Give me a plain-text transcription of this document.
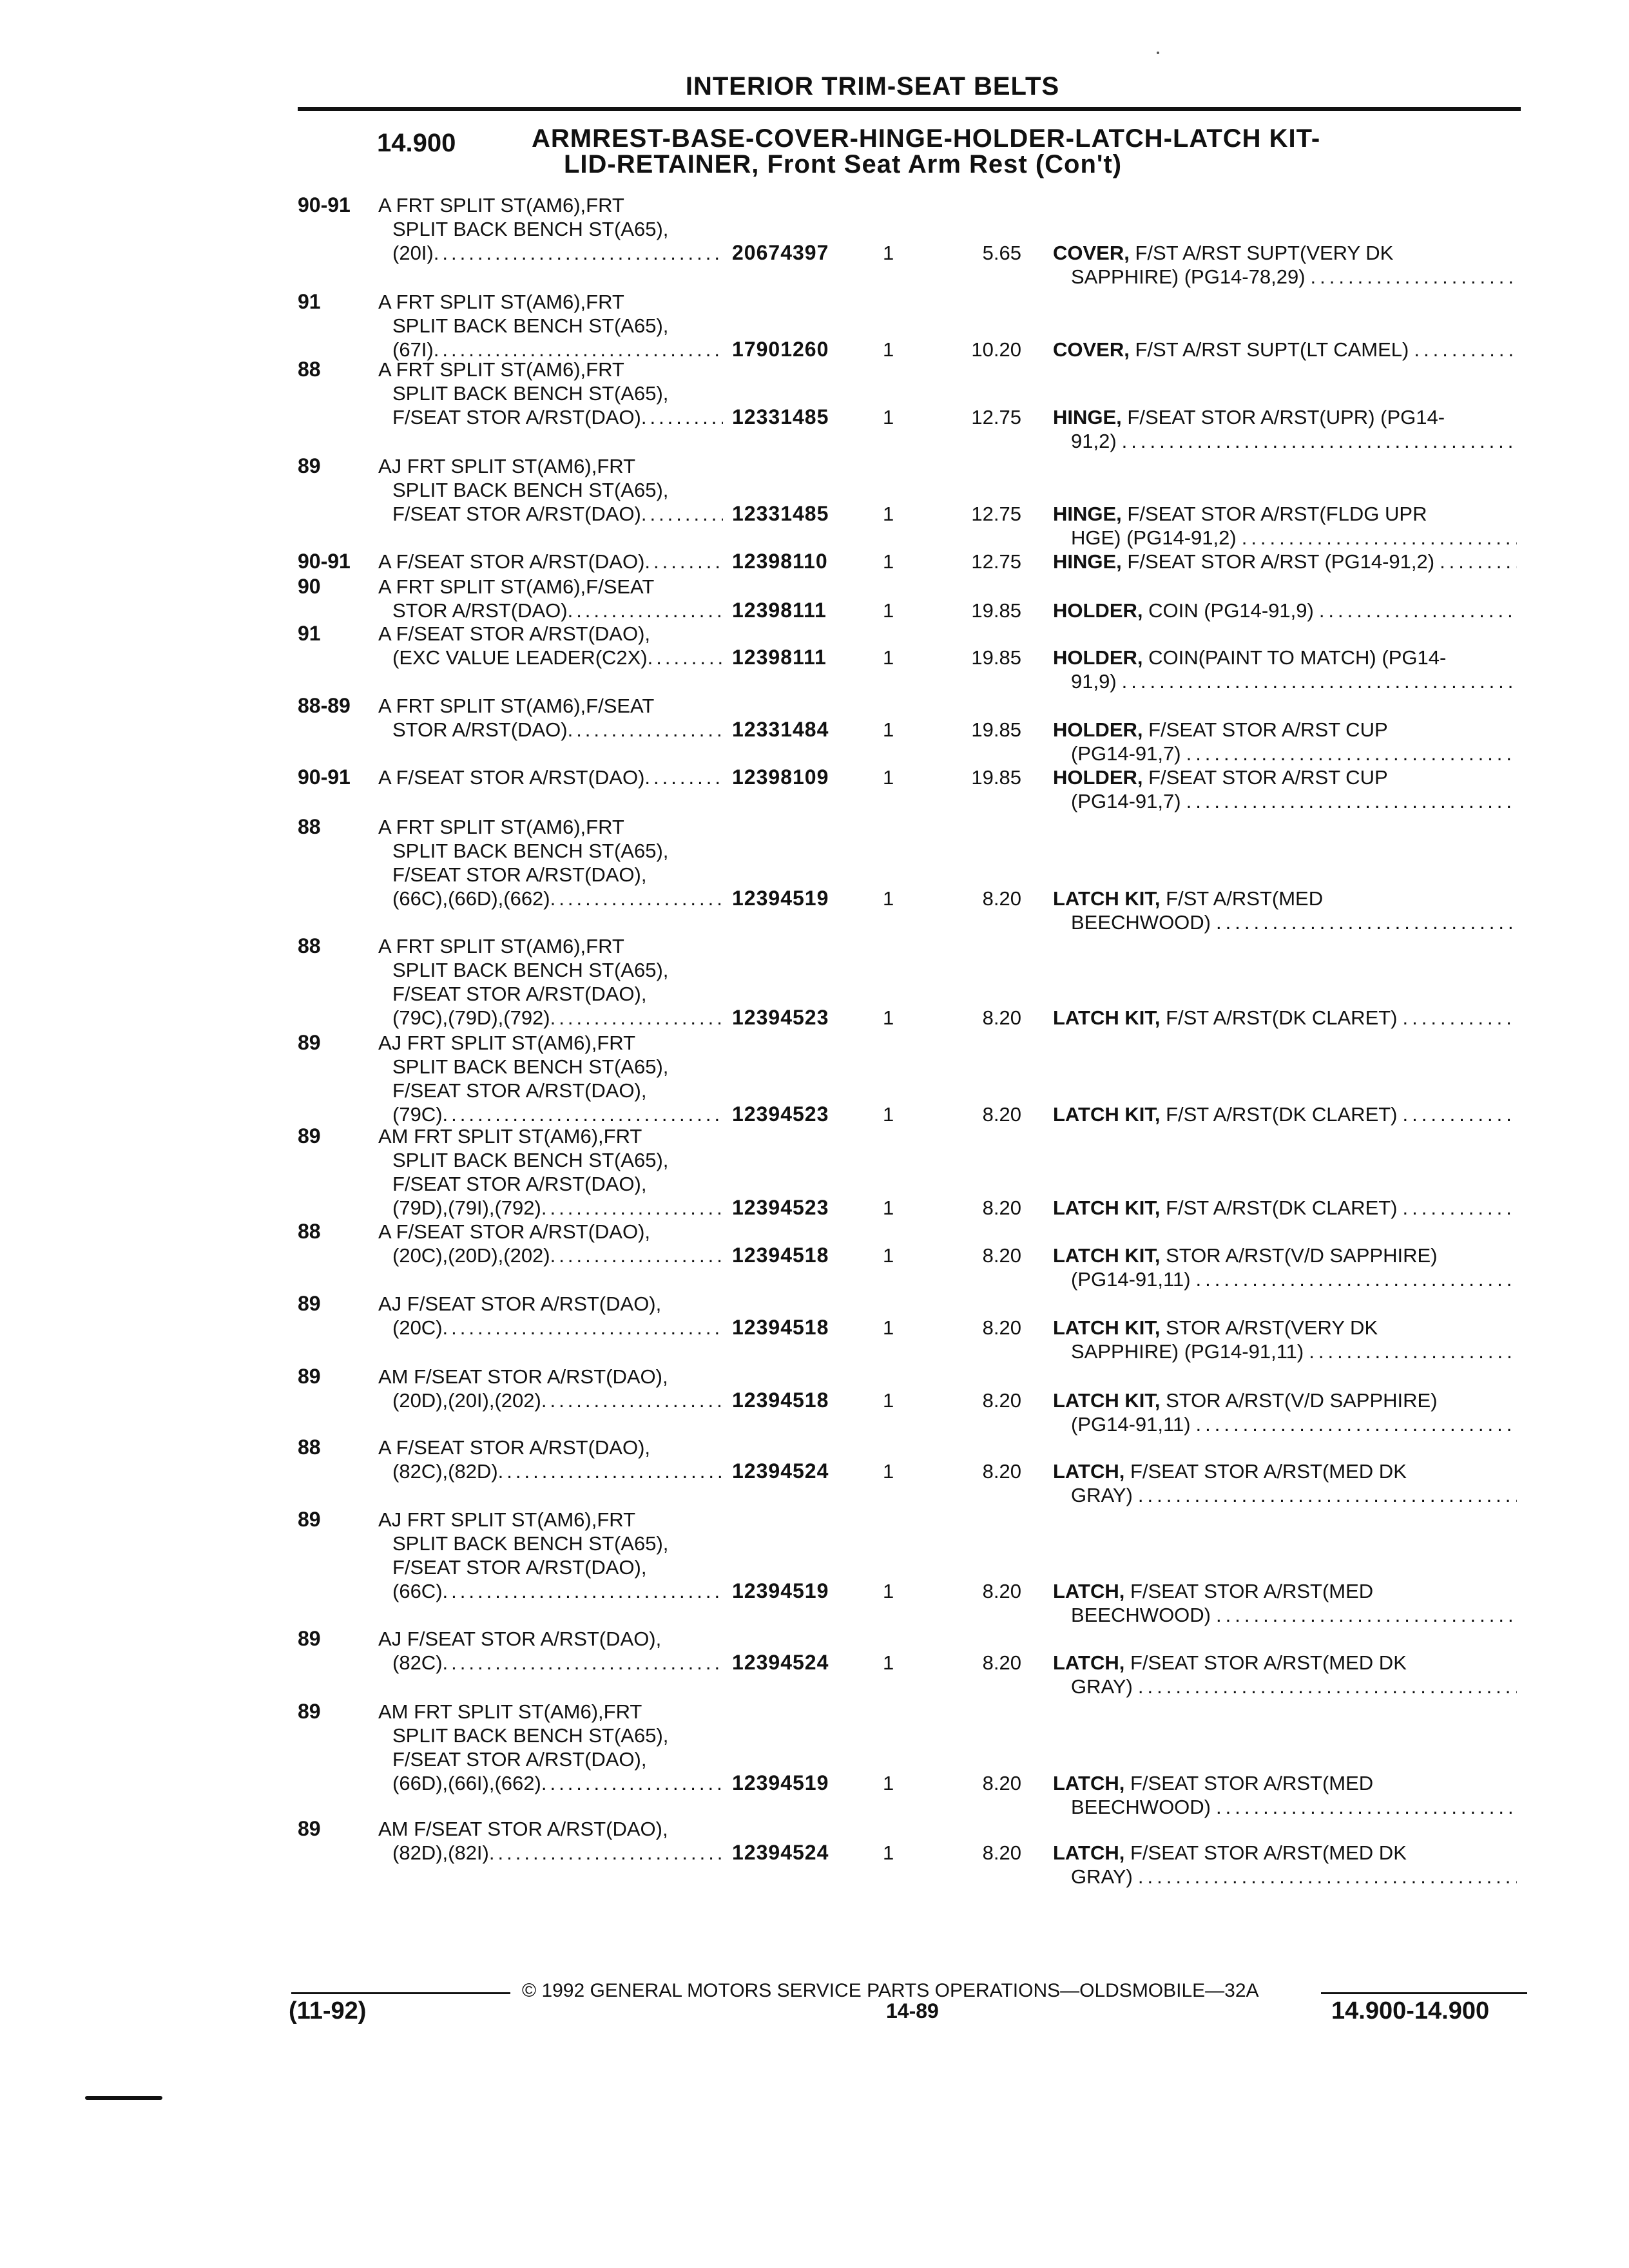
INTERIOR TRIM-SEAT BELTS
14.900	ARMREST-BASE-COVER-HINGE-HOLDER-LATCH-LATCH KIT-
LID-RETAINER, Front Seat Arm Rest (Con't)
90-91 A FRT SPLIT ST(AM6),FRT
SPLIT BACK BENCH ST(A65),
(20I) .....	20674397	1	5.65 COVER, F/ST A/RST SUPT(VERY DK
SAPPHIRE) (PG14-78,29)
.....
91	A FRT SPLIT ST(AM6),FRT
SPLIT BACK BENCH ST(A65),
(67I) .....	17901260	1	10.20 COVER, F/ST A/RST SUPT(LT CAMEL)
.....
88	A FRT SPLIT ST(AM6),FRT
SPLIT BACK BENCH ST(A65),
F/SEAT STOR A/RST(DAO) .....	12331485	1	12.75 HINGE, F/SEAT STOR A/RST(UPR) (PG14-
91,2)
.....
89	AJ FRT SPLIT ST(AM6),FRT
SPLIT BACK BENCH ST(A65),
F/SEAT STOR A/RST(DAO) .....	12331485	1	12.75 HINGE, F/SEAT STOR A/RST(FLDG UPR
HGE) (PG14-91,2)
.....
90-91 A F/SEAT STOR A/RST(DAO) .....	12398110	1	12.75 HINGE, F/SEAT STOR A/RST (PG14-91,2)
.....
90	A FRT SPLIT ST(AM6),F/SEAT
STOR A/RST(DAO) .....	12398111	1	19.85 HOLDER, COIN (PG14-91,9)
.....
91	A F/SEAT STOR A/RST(DAO),
(EXC VALUE LEADER(C2X) .....	12398111	1	19.85 HOLDER, COIN(PAINT TO MATCH) (PG14-
91,9)
.....
88-89 A FRT SPLIT ST(AM6),F/SEAT
STOR A/RST(DAO) .....	12331484	1	19.85 HOLDER, F/SEAT STOR A/RST CUP
(PG14-91,7)
.....
90-91 A F/SEAT STOR A/RST(DAO) .....	12398109	1	19.85 HOLDER, F/SEAT STOR A/RST CUP
(PG14-91,7)
.....
88	A FRT SPLIT ST(AM6),FRT
SPLIT BACK BENCH ST(A65),
F/SEAT STOR A/RST(DAO),
(66C),(66D),(662) .....	12394519	1	8.20 LATCH KIT, F/ST A/RST(MED
BEECHWOOD)
.....
88	A FRT SPLIT ST(AM6),FRT
SPLIT BACK BENCH ST(A65),
F/SEAT STOR A/RST(DAO),
(79C),(79D),(792) .....	12394523	1	8.20 LATCH KIT, F/ST A/RST(DK CLARET)
.....
89	AJ FRT SPLIT ST(AM6),FRT
SPLIT BACK BENCH ST(A65),
F/SEAT STOR A/RST(DAO),
(79C) .....	12394523	1	8.20 LATCH KIT, F/ST A/RST(DK CLARET)
.....
89	AM FRT SPLIT ST(AM6),FRT
SPLIT BACK BENCH ST(A65),
F/SEAT STOR A/RST(DAO),
(79D),(79I),(792) .....	12394523	1	8.20 LATCH KIT, F/ST A/RST(DK CLARET)
.....
88	A F/SEAT STOR A/RST(DAO),
(20C),(20D),(202) .....	12394518	1	8.20 LATCH KIT, STOR A/RST(V/D SAPPHIRE)
(PG14-91,11)
.....
89	AJ F/SEAT STOR A/RST(DAO),
(20C) .....	12394518	1	8.20 LATCH KIT, STOR A/RST(VERY DK
SAPPHIRE) (PG14-91,11)
.....
89	AM F/SEAT STOR A/RST(DAO),
(20D),(20I),(202) .....	12394518	1	8.20 LATCH KIT, STOR A/RST(V/D SAPPHIRE)
(PG14-91,11)
.....
88	A F/SEAT STOR A/RST(DAO),
(82C),(82D) .....	12394524	1	8.20 LATCH, F/SEAT STOR A/RST(MED DK
GRAY)
.....
89	AJ FRT SPLIT ST(AM6),FRT
SPLIT BACK BENCH ST(A65),
F/SEAT STOR A/RST(DAO),
(66C) .....	12394519	1	8.20 LATCH, F/SEAT STOR A/RST(MED
BEECHWOOD)
.....
89	AJ F/SEAT STOR A/RST(DAO),
(82C) .....	12394524	1	8.20 LATCH, F/SEAT STOR A/RST(MED DK
GRAY)
.....
89	AM FRT SPLIT ST(AM6),FRT
SPLIT BACK BENCH ST(A65),
F/SEAT STOR A/RST(DAO),
(66D),(66I),(662) .....	12394519	1	8.20 LATCH, F/SEAT STOR A/RST(MED
BEECHWOOD)
.....
89	AM F/SEAT STOR A/RST(DAO),
(82D),(82I) .....	12394524	1	8.20 LATCH, F/SEAT STOR A/RST(MED DK
GRAY)
.....
© 1992 GENERAL MOTORS SERVICE PARTS OPERATIONS—OLDSMOBILE—32A
(11-92)	14-89	14.900-14.900
